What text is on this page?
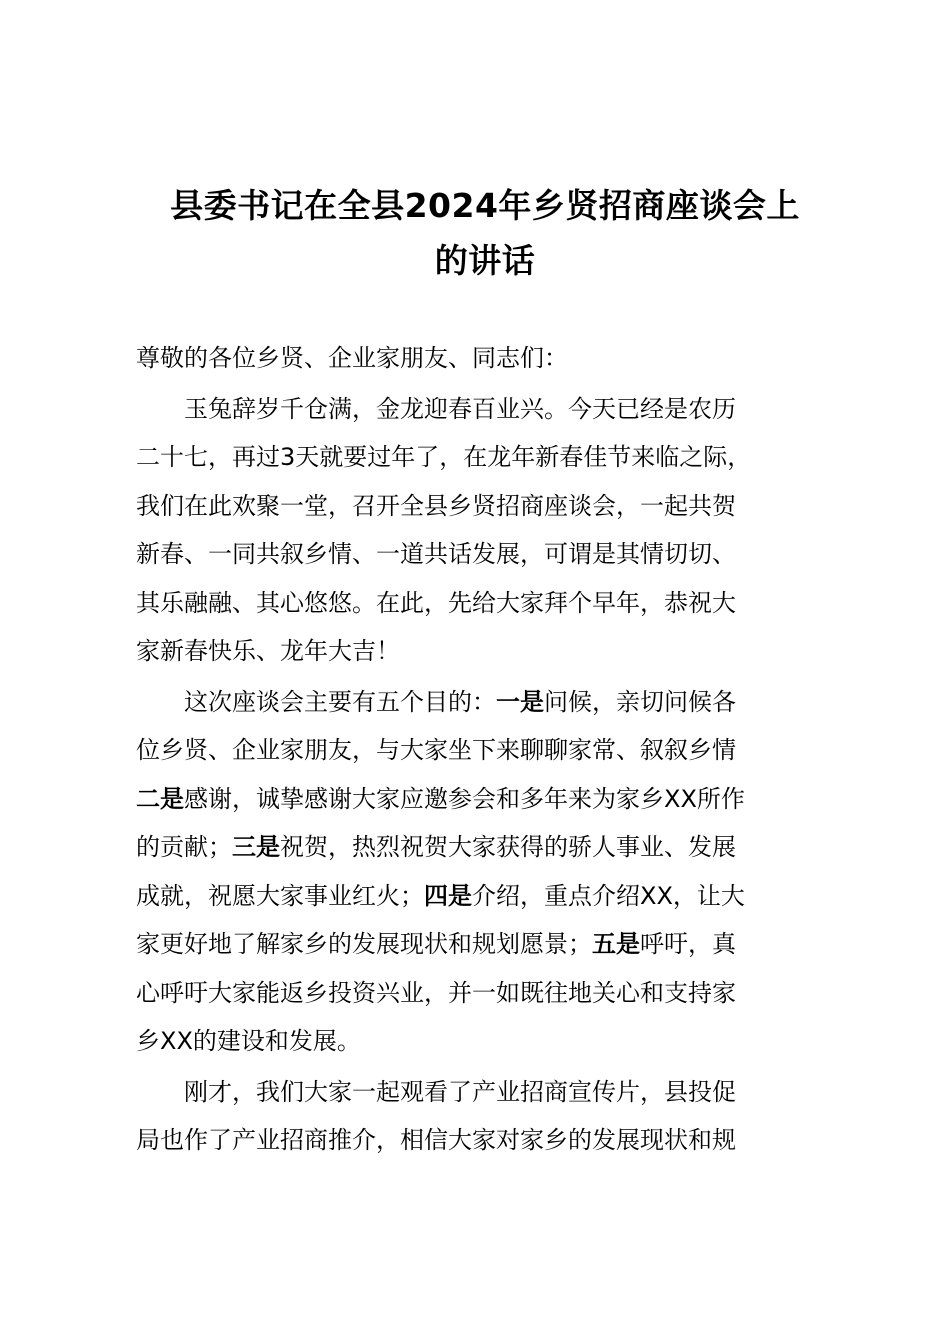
县委书记在全县2024年乡贤招商座谈会上
的讲话
尊敬的各位乡贤、企业家朋友、同志们：
玉兔辞岁千仓满，金龙迎春百业兴。今天已经是农历
二十七，再过3天就要过年了，在龙年新春佳节来临之际，
我们在此欢聚一堂，召开全县乡贤招商座谈会，一起共贺
新春、一同共叙乡情、一道共话发展，可谓是其情切切、
其乐融融、其心悠悠。在此，先给大家拜个早年，恭祝大
家新春快乐、龙年大吉！
这次座谈会主要有五个目的：一是问候，亲切问候各
位乡贤、企业家朋友，与大家坐下来聊聊家常、叙叙乡情
二是感谢，诚挚感谢大家应邀参会和多年来为家乡XX所作
的贡献；三是祝贺，热烈祝贺大家获得的骄人事业、发展
成就，祝愿大家事业红火；四是介绍，重点介绍XX，让大
家更好地了解家乡的发展现状和规划愿景；五是呼吁，真
心呼吁大家能返乡投资兴业，并一如既往地关心和支持家
乡XX的建设和发展。
刚才，我们大家一起观看了产业招商宣传片，县投促
局也作了产业招商推介，相信大家对家乡的发展现状和规
